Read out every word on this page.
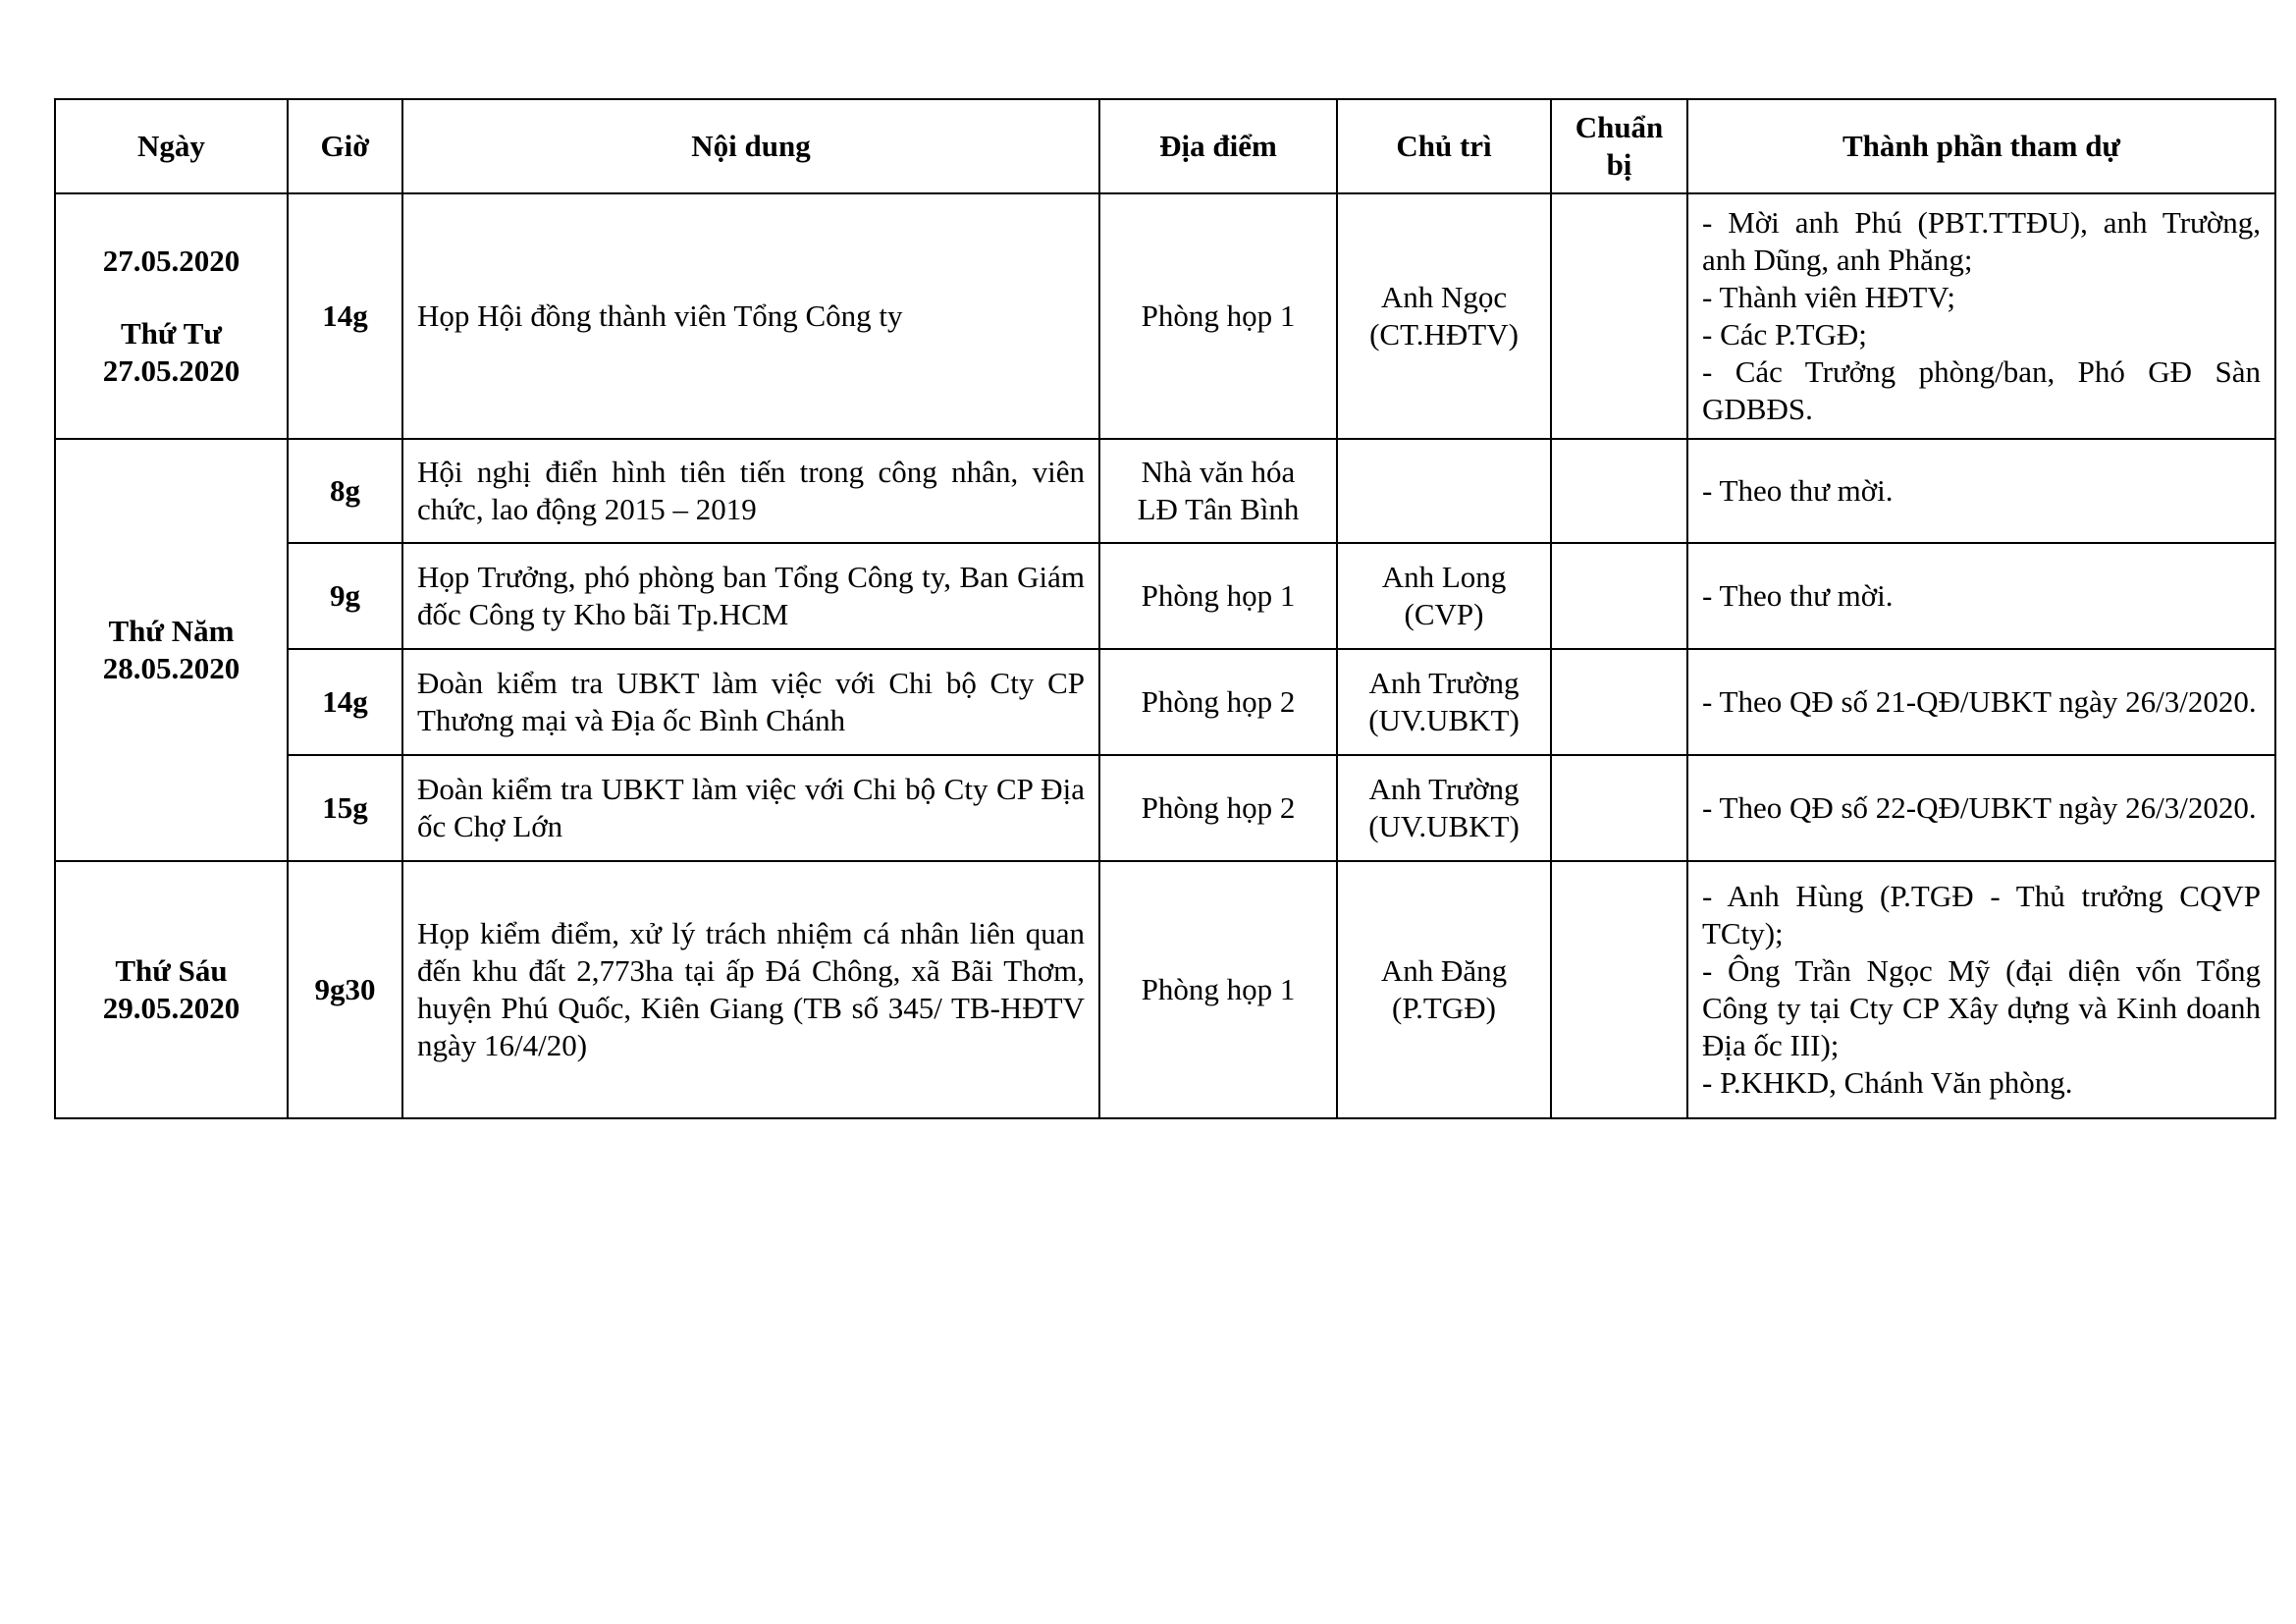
Ngày	Giờ	Nội dung	Địa điểm	Chủ trì	Chuẩn bị	Thành phần tham dự

27.05.2020
Thứ Tư
27.05.2020	14g	Họp Hội đồng thành viên Tổng Công ty	Phòng họp 1	Anh Ngọc
(CT.HĐTV)		- Mời anh Phú (PBT.TTĐU), anh Trường, anh Dũng, anh Phăng;
- Thành viên HĐTV;
- Các P.TGĐ;
- Các Trưởng phòng/ban, Phó GĐ Sàn GDBĐS.

Thứ Năm
28.05.2020	8g	Hội nghị điển hình tiên tiến trong công nhân, viên chức, lao động 2015 – 2019	Nhà văn hóa
LĐ Tân Bình			- Theo thư mời.

	9g	Họp Trưởng, phó phòng ban Tổng Công ty, Ban Giám đốc Công ty Kho bãi Tp.HCM	Phòng họp 1	Anh Long
(CVP)		- Theo thư mời.

	14g	Đoàn kiểm tra UBKT làm việc với Chi bộ Cty CP Thương mại và Địa ốc Bình Chánh	Phòng họp 2	Anh Trường
(UV.UBKT)		- Theo QĐ số 21-QĐ/UBKT ngày 26/3/2020.

	15g	Đoàn kiểm tra UBKT làm việc với Chi bộ Cty CP Địa ốc Chợ Lớn	Phòng họp 2	Anh Trường
(UV.UBKT)		- Theo QĐ số 22-QĐ/UBKT ngày 26/3/2020.

Thứ Sáu
29.05.2020	9g30	Họp kiểm điểm, xử lý trách nhiệm cá nhân liên quan đến khu đất 2,773ha tại ấp Đá Chông, xã Bãi Thơm, huyện Phú Quốc, Kiên Giang (TB số 345/ TB-HĐTV ngày 16/4/20)	Phòng họp 1	Anh Đăng
(P.TGĐ)		- Anh Hùng (P.TGĐ - Thủ trưởng CQVP TCty);
- Ông Trần Ngọc Mỹ (đại diện vốn Tổng Công ty tại Cty CP Xây dựng và Kinh doanh Địa ốc III);
- P.KHKD, Chánh Văn phòng.
